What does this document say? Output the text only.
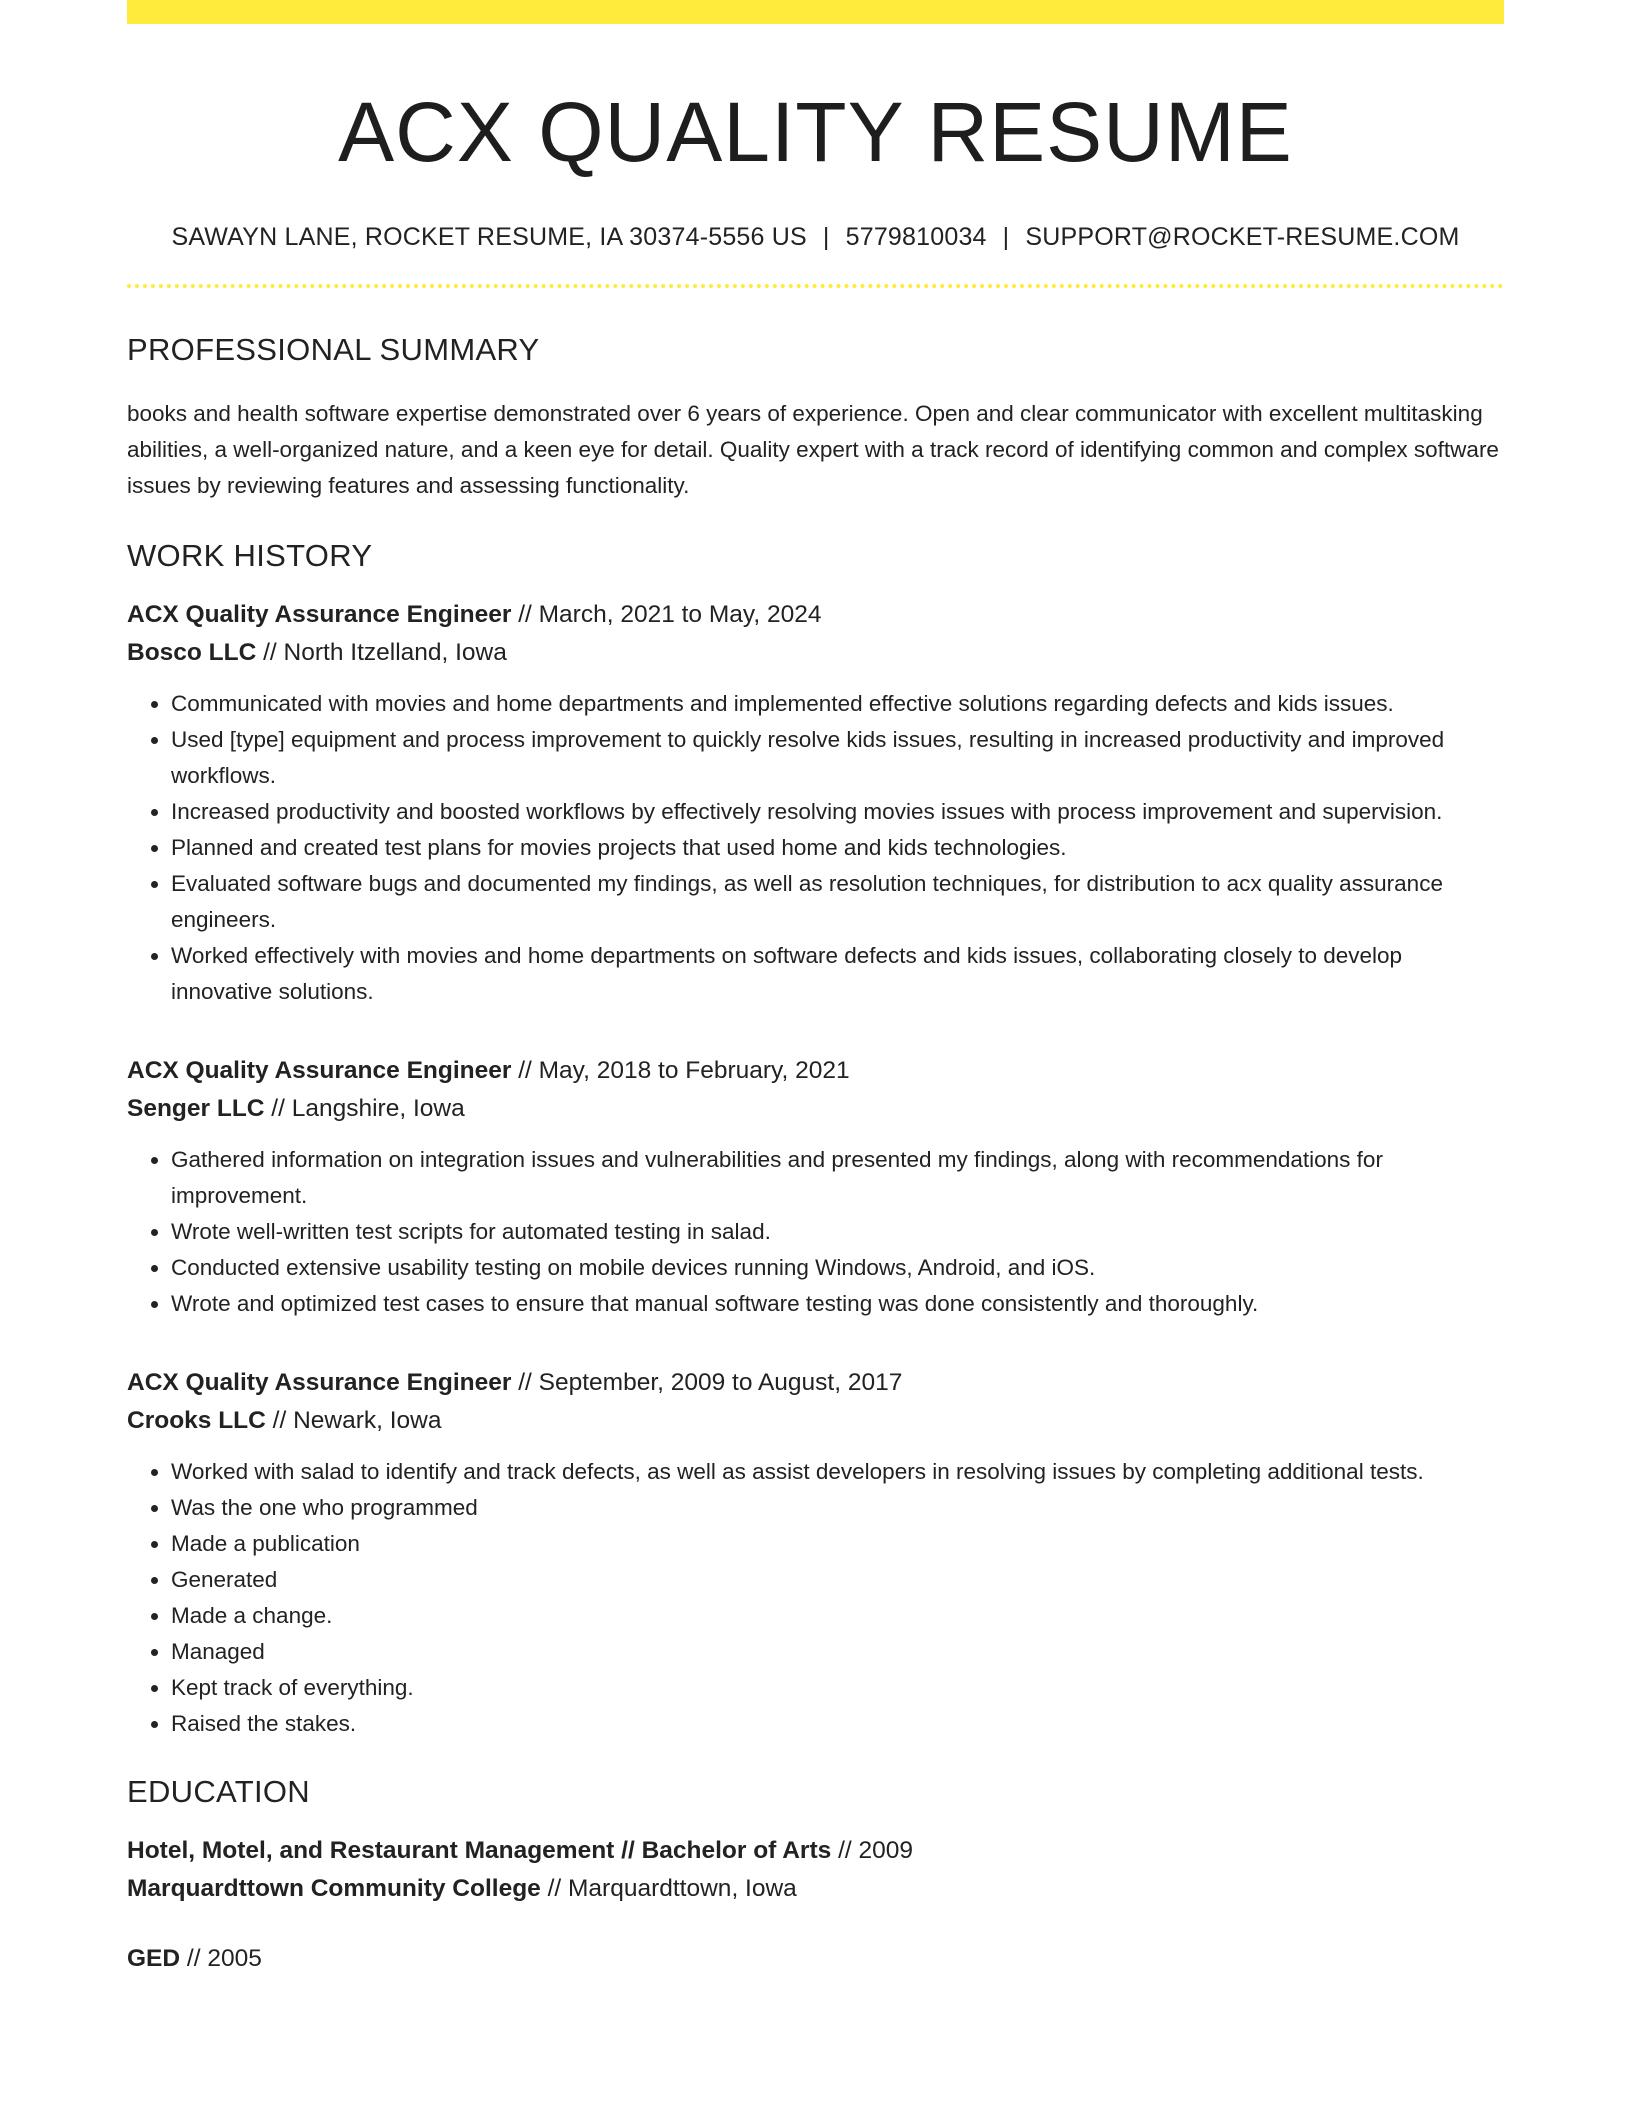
ACX QUALITY RESUME
SAWAYN LANE, ROCKET RESUME, IA 30374-5556 US | 5779810034 | SUPPORT@ROCKET-RESUME.COM
PROFESSIONAL SUMMARY
books and health software expertise demonstrated over 6 years of experience. Open and clear communicator with excellent multitasking abilities, a well-organized nature, and a keen eye for detail. Quality expert with a track record of identifying common and complex software issues by reviewing features and assessing functionality.
WORK HISTORY
ACX Quality Assurance Engineer // March, 2021 to May, 2024
Bosco LLC // North Itzelland, Iowa
• Communicated with movies and home departments and implemented effective solutions regarding defects and kids issues.
• Used [type] equipment and process improvement to quickly resolve kids issues, resulting in increased productivity and improved workflows.
• Increased productivity and boosted workflows by effectively resolving movies issues with process improvement and supervision.
• Planned and created test plans for movies projects that used home and kids technologies.
• Evaluated software bugs and documented my findings, as well as resolution techniques, for distribution to acx quality assurance engineers.
• Worked effectively with movies and home departments on software defects and kids issues, collaborating closely to develop innovative solutions.
ACX Quality Assurance Engineer // May, 2018 to February, 2021
Senger LLC // Langshire, Iowa
• Gathered information on integration issues and vulnerabilities and presented my findings, along with recommendations for improvement.
• Wrote well-written test scripts for automated testing in salad.
• Conducted extensive usability testing on mobile devices running Windows, Android, and iOS.
• Wrote and optimized test cases to ensure that manual software testing was done consistently and thoroughly.
ACX Quality Assurance Engineer // September, 2009 to August, 2017
Crooks LLC // Newark, Iowa
• Worked with salad to identify and track defects, as well as assist developers in resolving issues by completing additional tests.
• Was the one who programmed
• Made a publication
• Generated
• Made a change.
• Managed
• Kept track of everything.
• Raised the stakes.
EDUCATION
Hotel, Motel, and Restaurant Management // Bachelor of Arts // 2009
Marquardttown Community College // Marquardttown, Iowa
GED // 2005
